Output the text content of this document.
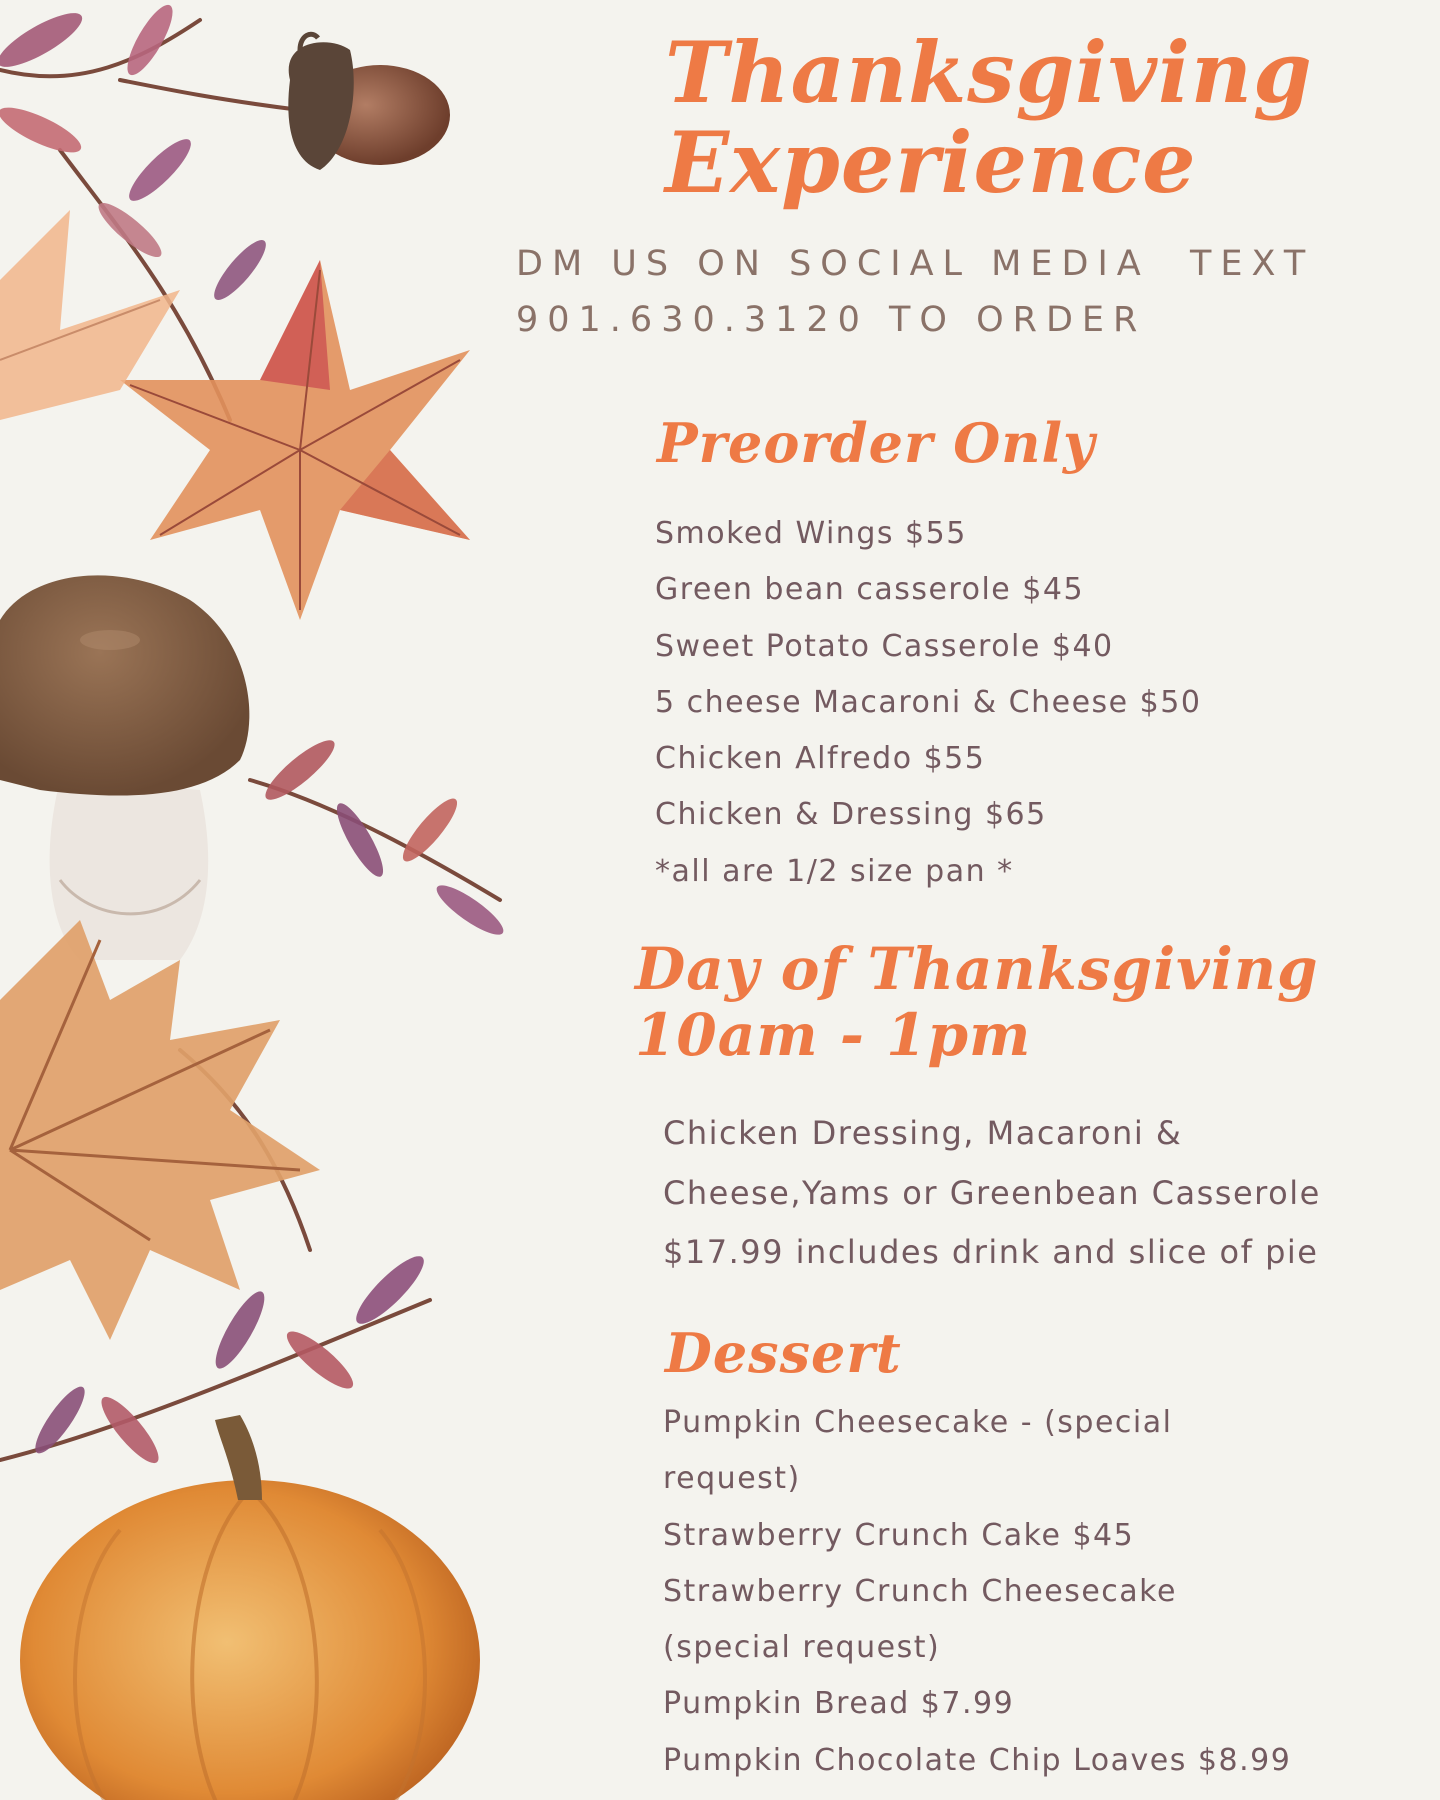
Thanksgiving
Experience

DM US ON SOCIAL MEDIA  TEXT
901.630.3120 TO ORDER

Preorder Only
Smoked Wings $55
Green bean casserole $45
Sweet Potato Casserole $40
5 cheese Macaroni & Cheese $50
Chicken Alfredo $55
Chicken & Dressing $65
*all are 1/2 size pan *
Day of Thanksgiving
10am - 1pm

Chicken Dressing, Macaroni &
Cheese,Yams or Greenbean Casserole
$17.99 includes drink and slice of pie

Dessert
Pumpkin Cheesecake - (special request)
Strawberry Crunch Cake $45
Strawberry Crunch Cheesecake (special request)
Pumpkin Bread $7.99
Pumpkin Chocolate Chip Loaves $8.99
